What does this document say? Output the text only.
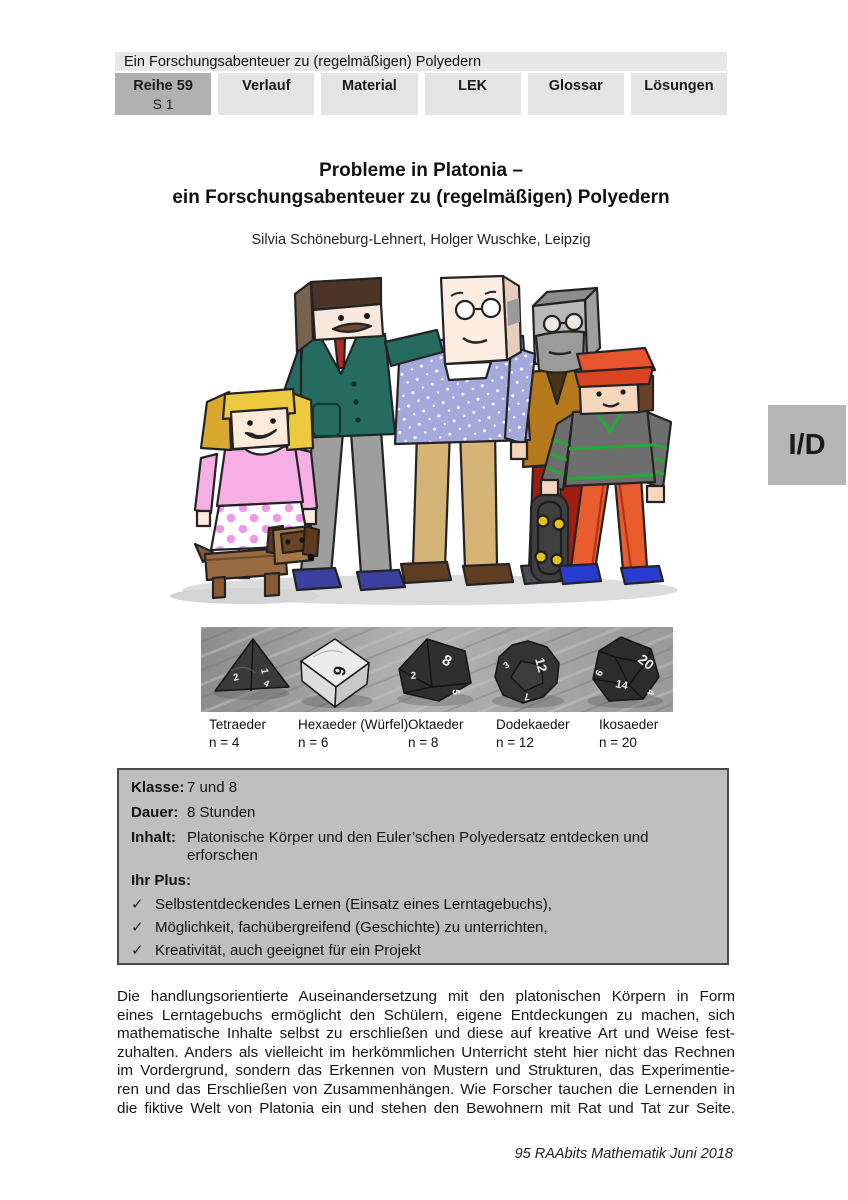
Ein Forschungsabenteuer zu (regelmäßigen) Polyedern
Reihe 59
S 1
Verlauf	Material	LEK	Glossar	Lösungen
Probleme in Platonia –
ein Forschungsabenteuer zu (regelmäßigen) Polyedern
Silvia Schöneburg-Lehnert, Holger Wuschke, Leipzig
I/D
2
1
4
6
8
2
5
12
3
7
20
14
6
4
Tetraeder
n = 4
Hexaeder (Würfel)
n = 6
Oktaeder
n = 8
Dodekaeder
n = 12
Ikosaeder
n = 20
Klasse: 7 und 8
Dauer: 8 Stunden
Inhalt: Platonische Körper und den Euler’schen Polyedersatz entdecken und erforschen
Ihr Plus:
✓ Selbstentdeckendes Lernen (Einsatz eines Lerntagebuchs),
✓ Möglichkeit, fachübergreifend (Geschichte) zu unterrichten,
✓ Kreativität, auch geeignet für ein Projekt
Die handlungsorientierte Auseinandersetzung mit den platonischen Körpern in Form
eines Lerntagebuchs ermöglicht den Schülern, eigene Entdeckungen zu machen, sich
mathematische Inhalte selbst zu erschließen und diese auf kreative Art und Weise fest-
zuhalten. Anders als vielleicht im herkömmlichen Unterricht steht hier nicht das Rechnen
im Vordergrund, sondern das Erkennen von Mustern und Strukturen, das Experimentie-
ren und das Erschließen von Zusammenhängen. Wie Forscher tauchen die Lernenden in
die fiktive Welt von Platonia ein und stehen den Bewohnern mit Rat und Tat zur Seite.
95 RAAbits Mathematik Juni 2018
